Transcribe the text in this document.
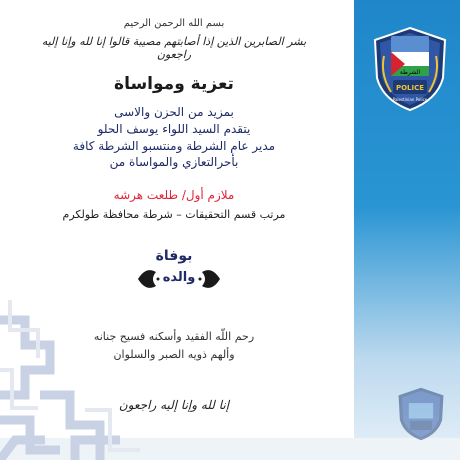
الشرطة
POLICE
Palestinian Police
بسم الله الرحمن الرحيم
بشر الصابرين الذين إذا أصابتهم مصيبة قالوا إنا لله وإنا إليه راجعون
تعزية ومواساة
بمزيد من الحزن والاسى
يتقدم السيد اللواء يوسف الحلو
مدير عام الشرطة ومنتسبو الشرطة كافة
بأحرالتعازي والمواساة من
ملازم أول/ طلعت هرشه
مرتب قسم التحقيقات – شرطة محافظة طولكرم
بوفاة
والده
رحم اللّه الفقيد وأسكنه فسيح جنانه
وألهم ذويه الصبر والسلوان
إنا لله وإنا إليه راجعون
